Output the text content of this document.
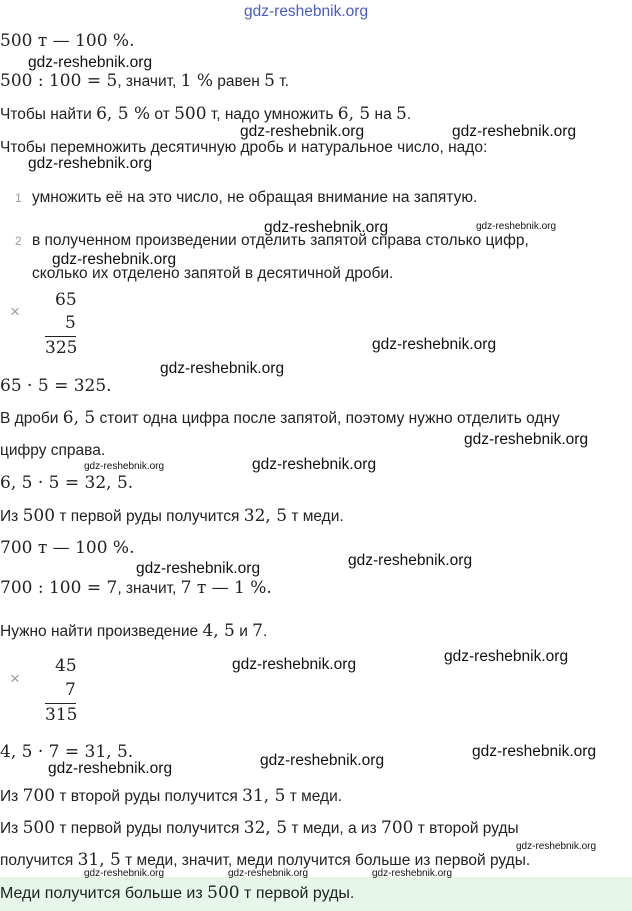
gdz-reshebnik.org
500 т — 100 %.
gdz-reshebnik.org
500 : 100 = 5, значит, 1 % равен 5 т.
Чтобы найти 6, 5 % от 500 т, надо умножить 6, 5 на 5.
gdz-reshebnik.org	gdz-reshebnik.org
Чтобы перемножить десятичную дробь и натуральное число, надо:
gdz-reshebnik.org
1 умножить её на это число, не обращая внимание на запятую.
gdz-reshebnik.org	gdz-reshebnik.org
2 в полученном произведении отделить запятой справа столько цифр,
gdz-reshebnik.org
сколько их отделено запятой в десятичной дроби.
×
65
5
325	gdz-reshebnik.org
gdz-reshebnik.org
65 · 5 = 325.
В дроби 6, 5 стоит одна цифра после запятой, поэтому нужно отделить одну
gdz-reshebnik.org
цифру справа.
gdz-reshebnik.org	gdz-reshebnik.org
6, 5 · 5 = 32, 5.
Из 500 т первой руды получится 32, 5 т меди.
700 т — 100 %.
gdz-reshebnik.org
gdz-reshebnik.org
700 : 100 = 7, значит, 7 т — 1 %.
Нужно найти произведение 4, 5 и 7.
gdz-reshebnik.org
gdz-reshebnik.org
×
45
7
315
4, 5 · 7 = 31, 5.	gdz-reshebnik.org
gdz-reshebnik.org
gdz-reshebnik.org
Из 700 т второй руды получится 31, 5 т меди.
Из 500 т первой руды получится 32, 5 т меди, а из 700 т второй руды
gdz-reshebnik.org
получится 31, 5 т меди, значит, меди получится больше из первой руды.
Меди получится больше из 500 т первой руды.
gdz-reshebnik.org	gdz-reshebnik.org	gdz-reshebnik.org
